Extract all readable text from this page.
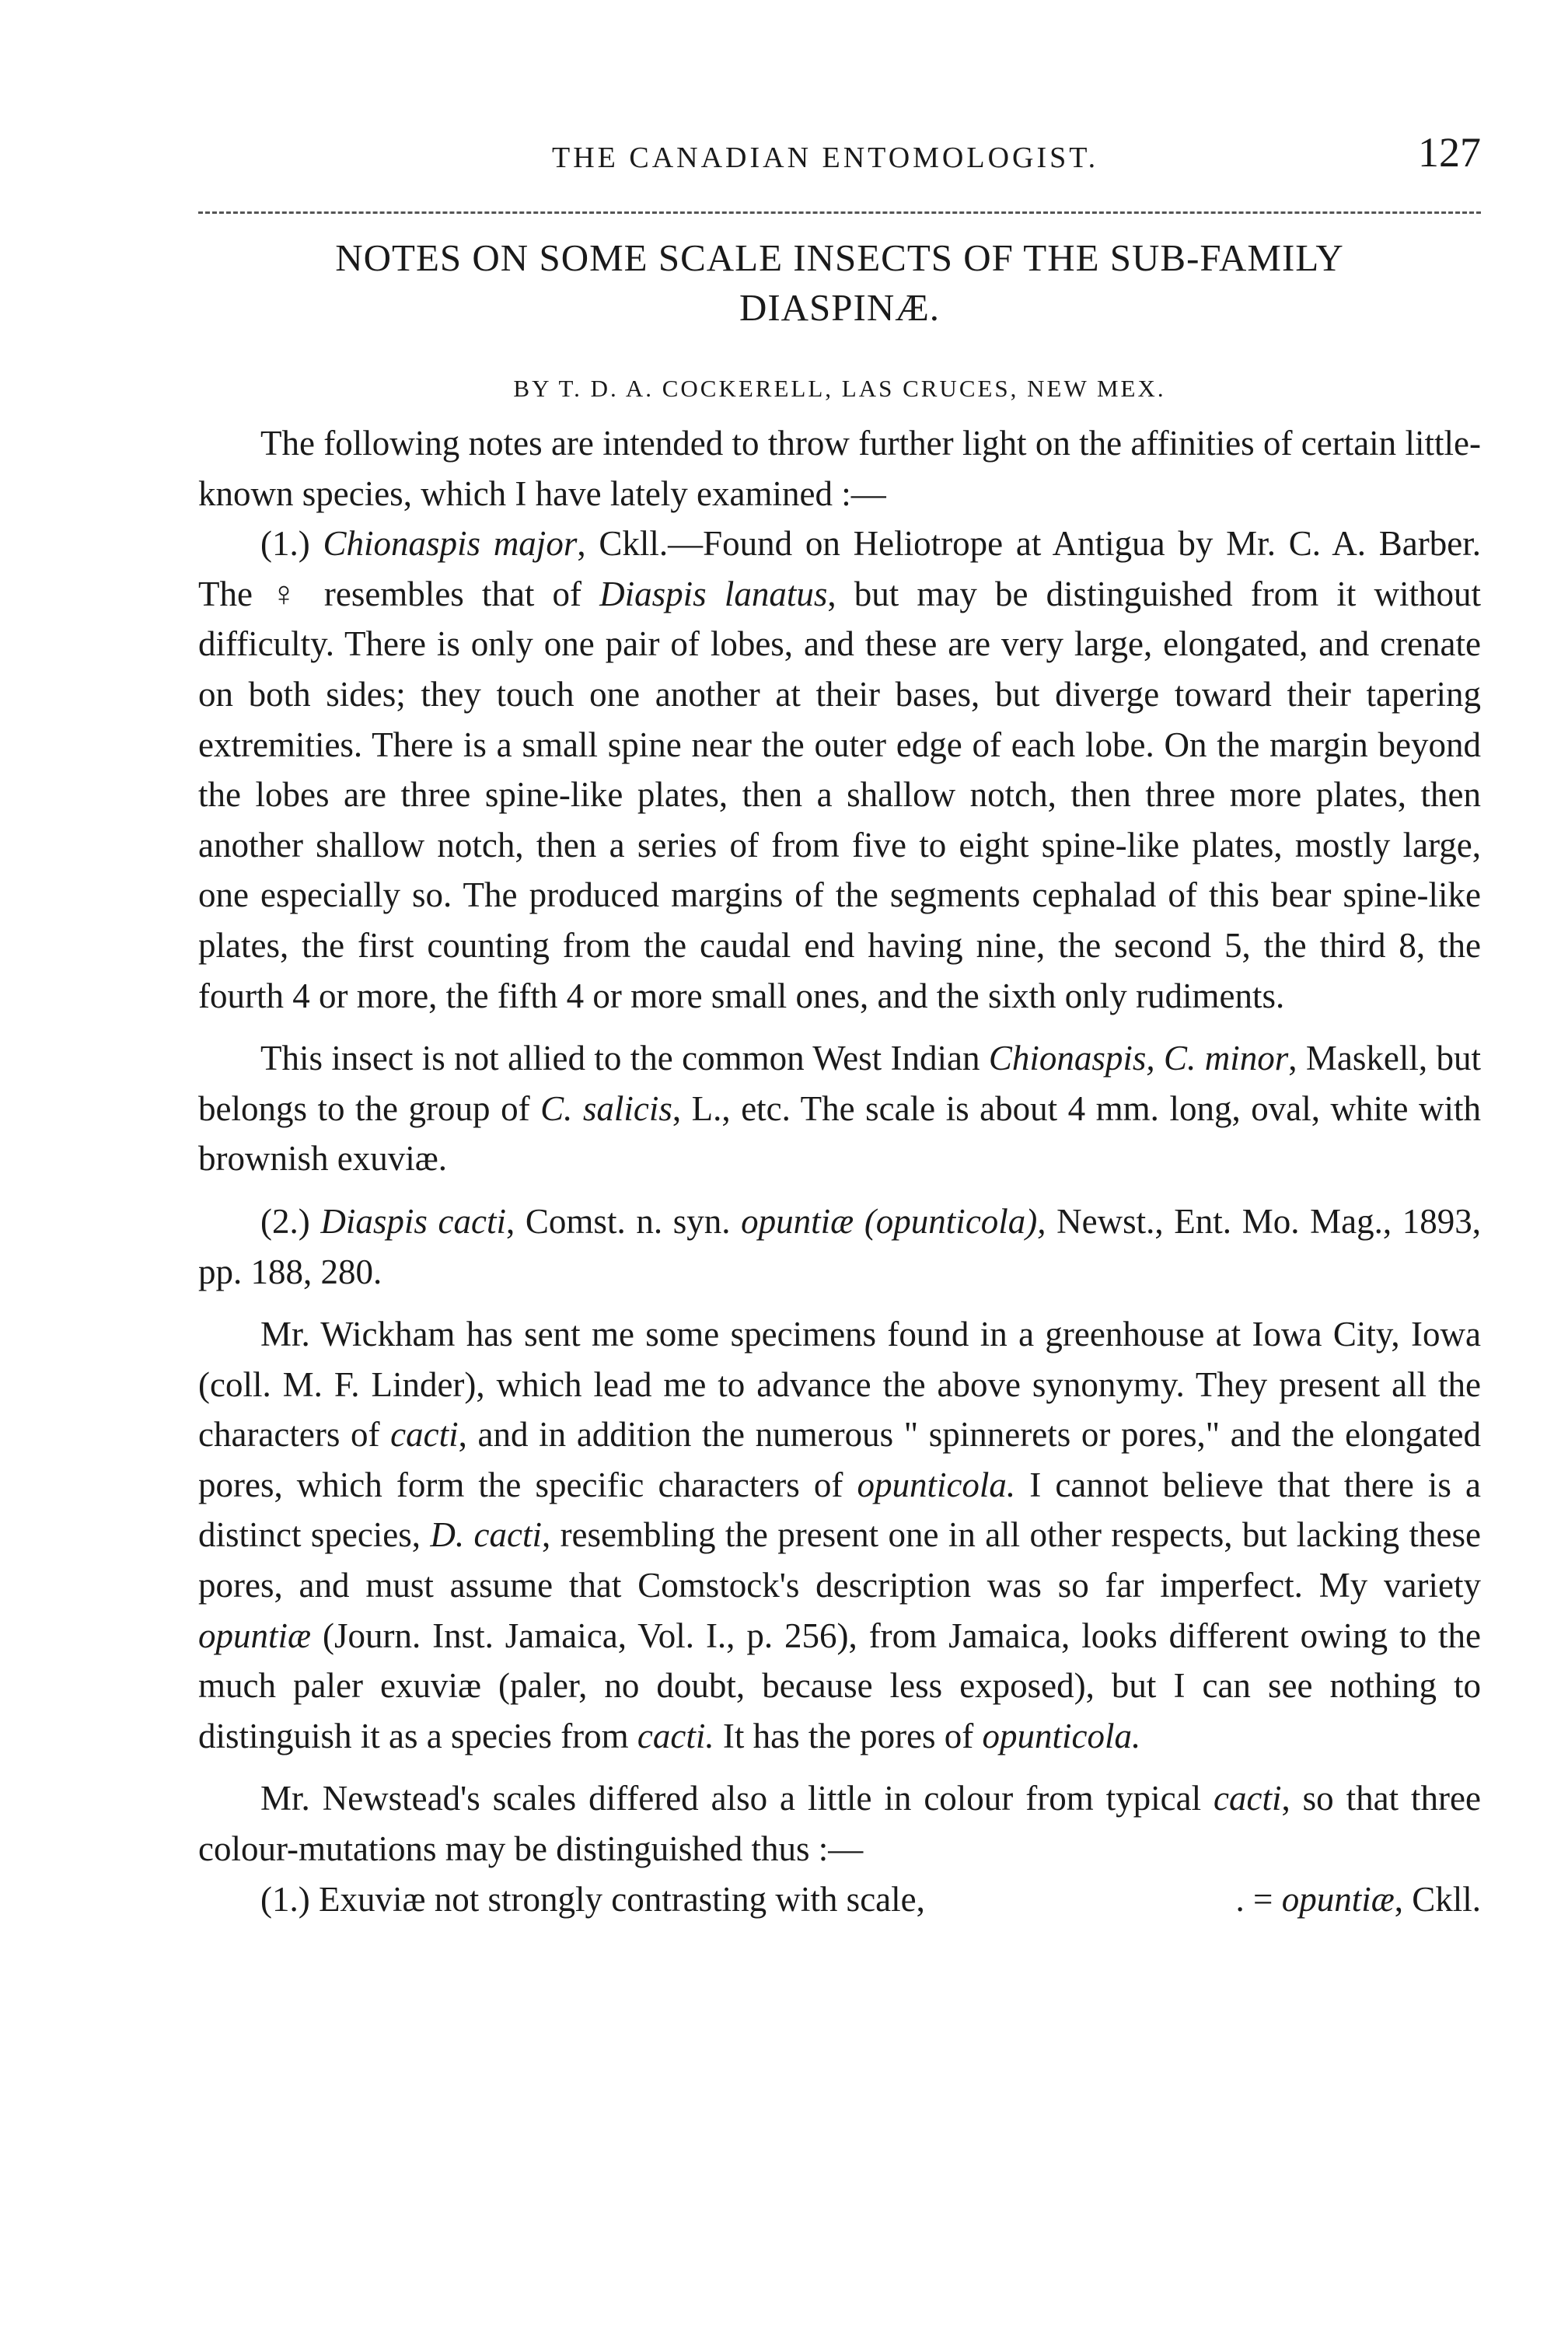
THE CANADIAN ENTOMOLOGIST.	127
NOTES ON SOME SCALE INSECTS OF THE SUB-FAMILY
DIASPINÆ.
BY T. D. A. COCKERELL, LAS CRUCES, NEW MEX.

The following notes are intended to throw further light on the affinities of certain little-known species, which I have lately examined :—

(1.) Chionaspis major, Ckll.—Found on Heliotrope at Antigua by Mr. C. A. Barber. The ♀ resembles that of Diaspis lanatus, but may be distinguished from it without difficulty. There is only one pair of lobes, and these are very large, elongated, and crenate on both sides; they touch one another at their bases, but diverge toward their tapering extremities. There is a small spine near the outer edge of each lobe. On the margin beyond the lobes are three spine-like plates, then a shallow notch, then three more plates, then another shallow notch, then a series of from five to eight spine-like plates, mostly large, one especially so. The produced margins of the segments cephalad of this bear spine-like plates, the first counting from the caudal end having nine, the second 5, the third 8, the fourth 4 or more, the fifth 4 or more small ones, and the sixth only rudiments.

This insect is not allied to the common West Indian Chionaspis, C. minor, Maskell, but belongs to the group of C. salicis, L., etc. The scale is about 4 mm. long, oval, white with brownish exuviæ.

(2.) Diaspis cacti, Comst. n. syn. opuntiæ (opunticola), Newst., Ent. Mo. Mag., 1893, pp. 188, 280.

Mr. Wickham has sent me some specimens found in a greenhouse at Iowa City, Iowa (coll. M. F. Linder), which lead me to advance the above synonymy. They present all the characters of cacti, and in addition the numerous " spinnerets or pores," and the elongated pores, which form the specific characters of opunticola. I cannot believe that there is a distinct species, D. cacti, resembling the present one in all other respects, but lacking these pores, and must assume that Comstock's description was so far imperfect. My variety opuntiæ (Journ. Inst. Jamaica, Vol. I., p. 256), from Jamaica, looks different owing to the much paler exuviæ (paler, no doubt, because less exposed), but I can see nothing to distinguish it as a species from cacti. It has the pores of opunticola.

Mr. Newstead's scales differed also a little in colour from typical cacti, so that three colour-mutations may be distinguished thus :—

(1.) Exuviæ not strongly contrasting with scale,	. = opuntiæ, Ckll.
